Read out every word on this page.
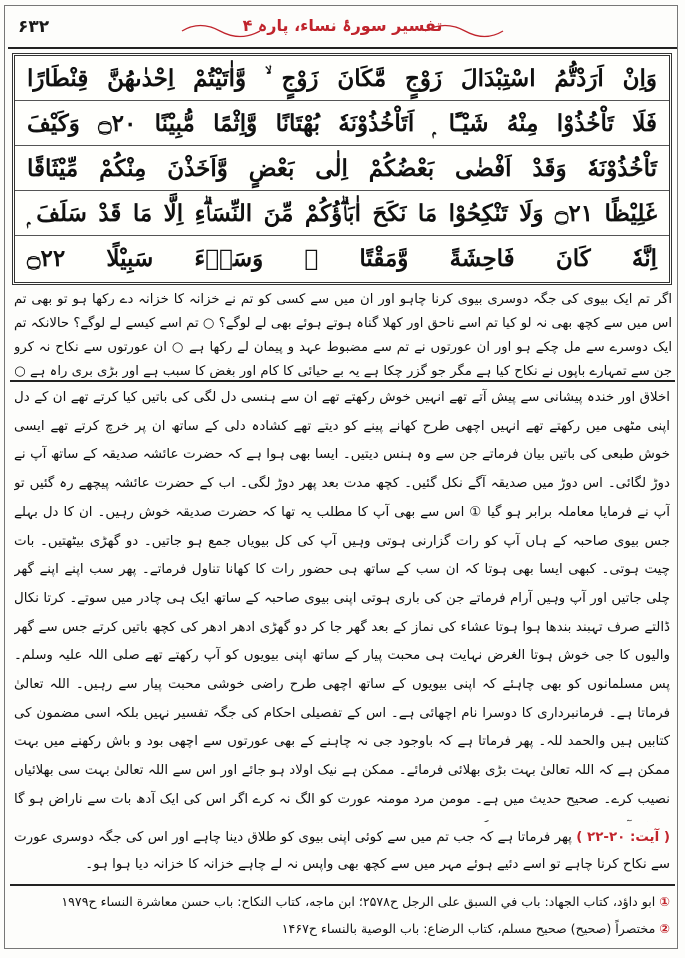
۶۳۲	تفسیر سورۂ نساء، پارہ ۴
وَاِنْ اَرَدْتُّمُ اسْتِبْدَالَ زَوْجٍ مَّكَانَ زَوْجٍ ۙ وَّاٰتَيْتُمْ اِحْدٰىهُنَّ قِنْطَارًا
فَلَا تَاْخُذُوْا مِنْهُ شَيْـًٔا ۭ اَتَاْخُذُوْنَهٗ بُهْتَانًا وَّاِثْمًا مُّبِيْنًا ۝۲۰ وَكَيْفَ
تَاْخُذُوْنَهٗ وَقَدْ اَفْضٰى بَعْضُكُمْ اِلٰى بَعْضٍ وَّاَخَذْنَ مِنْكُمْ مِّيْثَاقًا
غَلِيْظًا ۝۲۱ وَلَا تَنْكِحُوْا مَا نَكَحَ اٰبَاۗؤُكُمْ مِّنَ النِّسَاۗءِ اِلَّا مَا قَدْ سَلَفَ ۭ
اِنَّهٗ كَانَ فَاحِشَةً وَّمَقْتًا ۭ وَسَاۗءَ سَبِيْلًا ۝۲۲
اگر تم ایک بیوی کی جگہ دوسری بیوی کرنا چاہو اور ان میں سے کسی کو تم نے خزانہ کا خزانہ دے رکھا ہو تو بھی تم اس میں سے کچھ بھی نہ لو کیا تم اسے ناحق اور کھلا گناہ ہوتے ہوئے بھی لے لوگے؟ ○ تم اسے کیسے لے لوگے؟ حالانکہ تم ایک دوسرے سے مل چکے ہو اور ان عورتوں نے تم سے مضبوط عہد و پیمان لے رکھا ہے ○ ان عورتوں سے نکاح نہ کرو جن سے تمہارے باپوں نے نکاح کیا ہے مگر جو گزر چکا ہے یہ بے حیائی کا کام اور بغض کا سبب ہے اور بڑی بری راہ ہے ○

اخلاق اور خندہ پیشانی سے پیش آتے تھے انہیں خوش رکھتے تھے ان سے ہنسی دل لگی کی باتیں کیا کرتے تھے ان کے دل اپنی مٹھی میں رکھتے تھے انہیں اچھی طرح کھانے پینے کو دیتے تھے کشادہ دلی کے ساتھ ان پر خرچ کرتے تھے ایسی خوش طبعی کی باتیں بیان فرماتے جن سے وہ ہنس دیتیں۔ ایسا بھی ہوا ہے کہ حضرت عائشہ صدیقہ کے ساتھ آپ نے دوڑ لگائی۔ اس دوڑ میں صدیقہ آگے نکل گئیں۔ کچھ مدت بعد پھر دوڑ لگی۔ اب کے حضرت عائشہ پیچھے رہ گئیں تو آپ نے فرمایا معاملہ برابر ہو گیا ① اس سے بھی آپ کا مطلب یہ تھا کہ حضرت صدیقہ خوش رہیں۔ ان کا دل بہلے جس بیوی صاحبہ کے ہاں آپ کو رات گزارنی ہوتی وہیں آپ کی کل بیویاں جمع ہو جاتیں۔ دو گھڑی بیٹھتیں۔ بات چیت ہوتی۔ کبھی ایسا بھی ہوتا کہ ان سب کے ساتھ ہی حضور رات کا کھانا تناول فرماتے۔ پھر سب اپنے اپنے گھر چلی جاتیں اور آپ وہیں آرام فرماتے جن کی باری ہوتی اپنی بیوی صاحبہ کے ساتھ ایک ہی چادر میں سوتے۔ کرتا نکال ڈالتے صرف تہبند بندھا ہوا ہوتا عشاء کی نماز کے بعد گھر جا کر دو گھڑی ادھر ادھر کی کچھ باتیں کرتے جس سے گھر والیوں کا جی خوش ہوتا الغرض نہایت ہی محبت پیار کے ساتھ اپنی بیویوں کو آپ رکھتے تھے صلی اللہ علیہ وسلم۔ پس مسلمانوں کو بھی چاہئے کہ اپنی بیویوں کے ساتھ اچھی طرح راضی خوشی محبت پیار سے رہیں۔ اللہ تعالیٰ فرماتا ہے۔ فرمانبرداری کا دوسرا نام اچھائی ہے۔ اس کے تفصیلی احکام کی جگہ تفسیر نہیں بلکہ اسی مضمون کی کتابیں ہیں والحمد للہ۔ پھر فرماتا ہے کہ باوجود جی نہ چاہنے کے بھی عورتوں سے اچھی بود و باش رکھنے میں بہت ممکن ہے کہ اللہ تعالیٰ بہت بڑی بھلائی فرمائے۔ ممکن ہے نیک اولاد ہو جائے اور اس سے اللہ تعالیٰ بہت سی بھلائیاں نصیب کرے۔ صحیح حدیث میں ہے۔ مومن مرد مومنہ عورت کو الگ نہ کرے اگر اس کی ایک آدھ بات سے ناراض ہو گا

( آیت: ۲۰-۲۲ ) پھر فرماتا ہے کہ جب تم میں سے کوئی اپنی بیوی کو طلاق دینا چاہے اور اس کی جگہ دوسری عورت سے نکاح کرنا چاہے تو اسے دئیے ہوئے مہر میں سے کچھ بھی واپس نہ لے چاہے خزانہ کا خزانہ دیا ہوا ہو۔
① ابو داؤد، کتاب الجهاد: باب في السبق على الرجل ح۲۵۷۸؛ ابن ماجه، کتاب النکاح: باب حسن معاشرة النساء ح۱۹۷۹
② مختصراً (صحیح) صحیح مسلم، کتاب الرضاع: باب الوصية بالنساء ح۱۴۶۷
